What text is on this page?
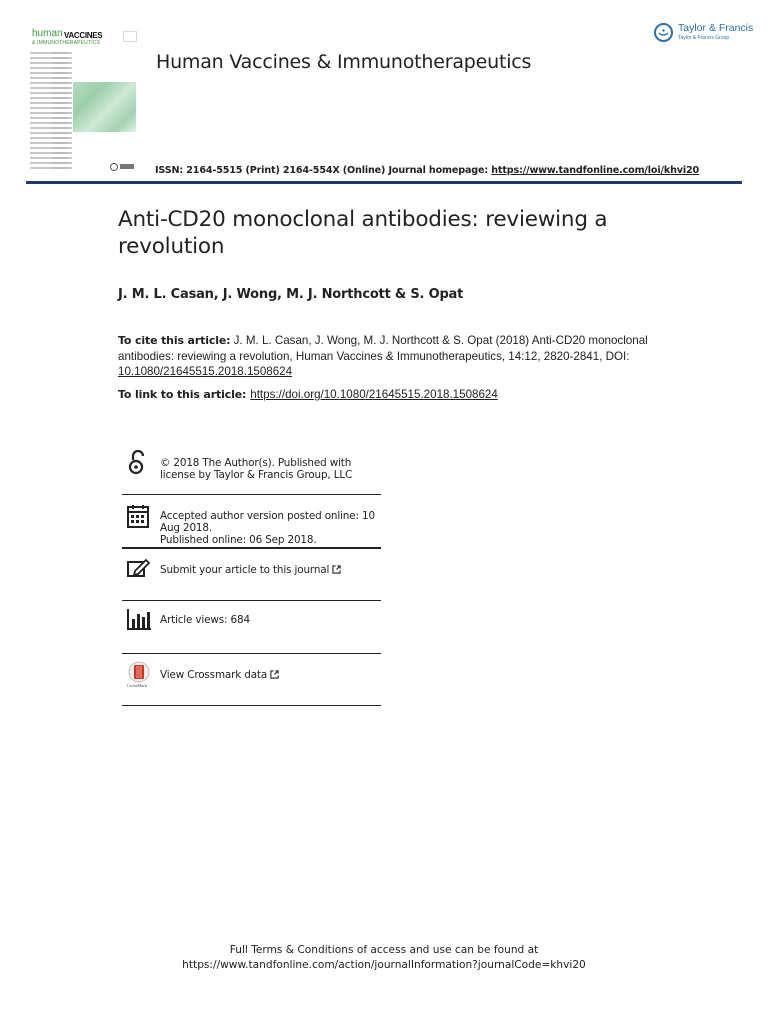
human VACCINES
& IMMUNOTHERAPEUTICS
Human Vaccines & Immunotherapeutics
Taylor & Francis
Taylor & Francis Group
ISSN: 2164-5515 (Print) 2164-554X (Online) Journal homepage: https://www.tandfonline.com/loi/khvi20
Anti-CD20 monoclonal antibodies: reviewing a revolution
J. M. L. Casan, J. Wong, M. J. Northcott & S. Opat
To cite this article: J. M. L. Casan, J. Wong, M. J. Northcott & S. Opat (2018) Anti-CD20 monoclonal antibodies: reviewing a revolution, Human Vaccines & Immunotherapeutics, 14:12, 2820-2841, DOI: 10.1080/21645515.2018.1508624
To link to this article: https://doi.org/10.1080/21645515.2018.1508624
© 2018 The Author(s). Published with license by Taylor & Francis Group, LLC
Accepted author version posted online: 10 Aug 2018.
Published online: 06 Sep 2018.
Submit your article to this journal
Article views: 684
CrossMark
View Crossmark data
Full Terms & Conditions of access and use can be found at
https://www.tandfonline.com/action/journalInformation?journalCode=khvi20
